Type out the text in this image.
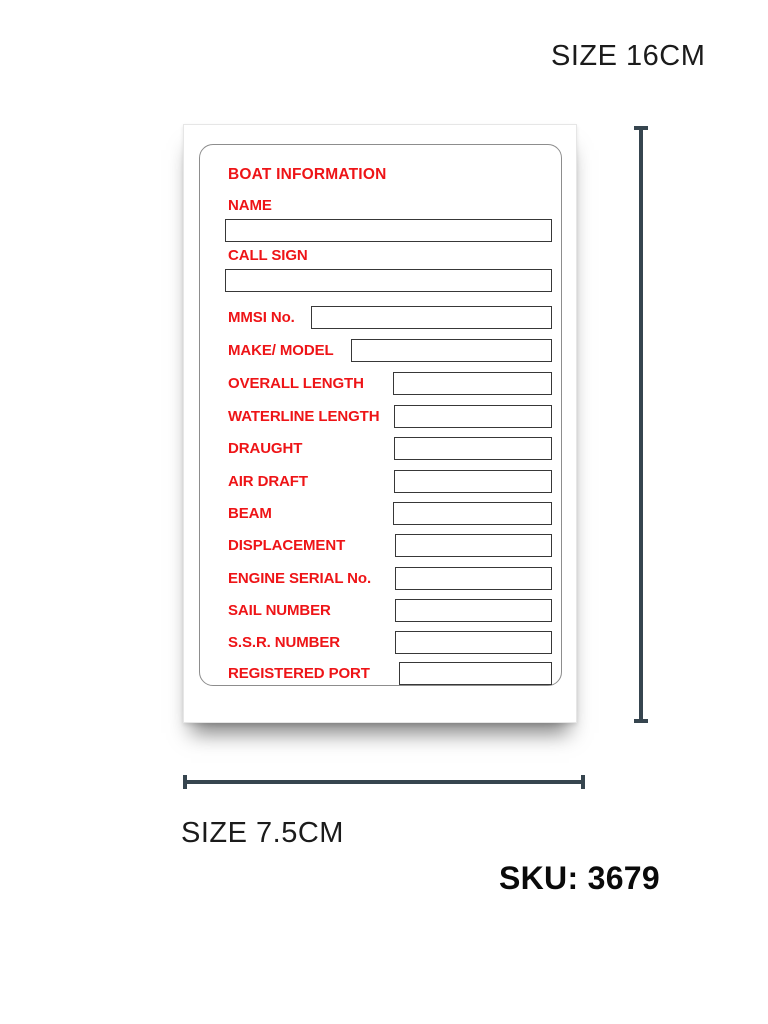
SIZE 16CM
BOAT INFORMATION
NAME
CALL SIGN
MMSI No.
MAKE/ MODEL
OVERALL LENGTH
WATERLINE LENGTH
DRAUGHT
AIR DRAFT
BEAM
DISPLACEMENT
ENGINE SERIAL No.
SAIL NUMBER
S.S.R. NUMBER
REGISTERED PORT
SIZE 7.5CM
SKU: 3679
